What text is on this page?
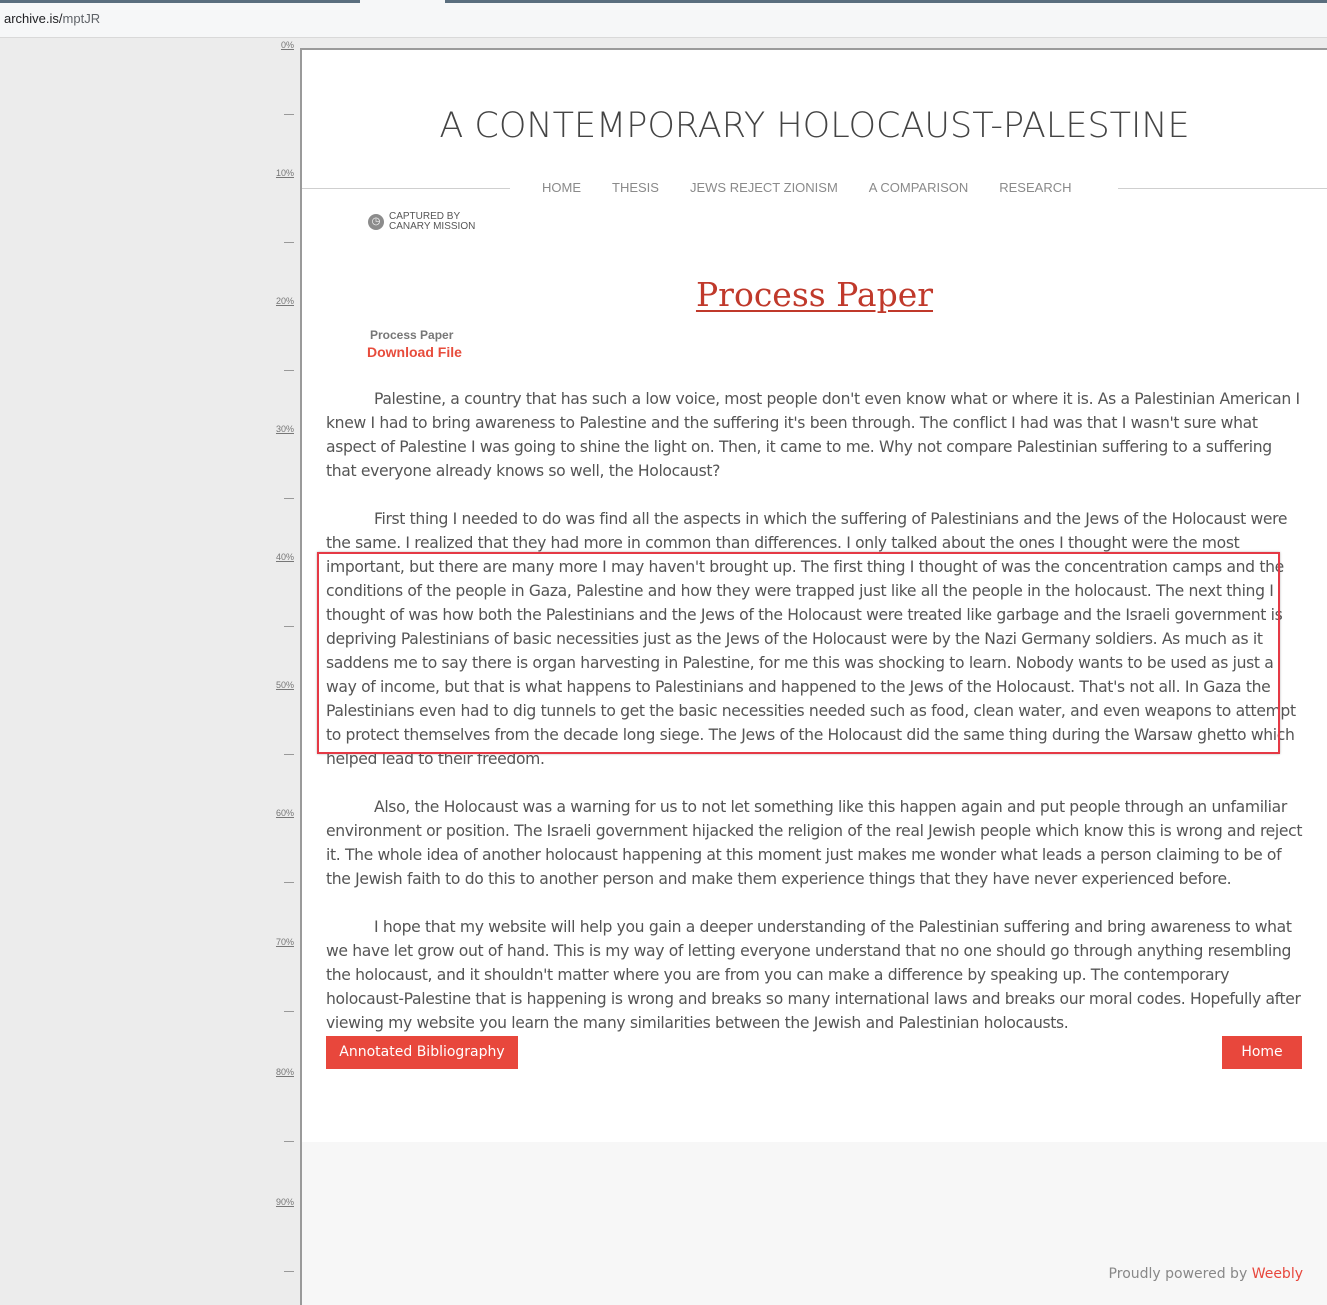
archive.is/mptJR
0%
10%
20%
30%
40%
50%
60%
70%
80%
90%
A CONTEMPORARY HOLOCAUST-PALESTINE
HOME THESIS JEWS REJECT ZIONISM A COMPARISON RESEARCH
◷ CAPTURED BY
CANARY MISSION
Process Paper
Process Paper
Download File

Palestine, a country that has such a low voice, most people don't even know what or where it is. As a Palestinian American I knew I had to bring awareness to Palestine and the suffering it's been through. The conflict I had was that I wasn't sure what aspect of Palestine I was going to shine the light on. Then, it came to me. Why not compare Palestinian suffering to a suffering that everyone already knows so well, the Holocaust?

First thing I needed to do was find all the aspects in which the suffering of Palestinians and the Jews of the Holocaust were the same. I realized that they had more in common than differences. I only talked about the ones I thought were the most important, but there are many more I may haven't brought up. The first thing I thought of was the concentration camps and the conditions of the people in Gaza, Palestine and how they were trapped just like all the people in the holocaust. The next thing I thought of was how both the Palestinians and the Jews of the Holocaust were treated like garbage and the Israeli government is depriving Palestinians of basic necessities just as the Jews of the Holocaust were by the Nazi Germany soldiers. As much as it saddens me to say there is organ harvesting in Palestine, for me this was shocking to learn. Nobody wants to be used as just a way of income, but that is what happens to Palestinians and happened to the Jews of the Holocaust. That's not all. In Gaza the Palestinians even had to dig tunnels to get the basic necessities needed such as food, clean water, and even weapons to attempt to protect themselves from the decade long siege. The Jews of the Holocaust did the same thing during the Warsaw ghetto which helped lead to their freedom.

Also, the Holocaust was a warning for us to not let something like this happen again and put people through an unfamiliar environment or position. The Israeli government hijacked the religion of the real Jewish people which know this is wrong and reject it. The whole idea of another holocaust happening at this moment just makes me wonder what leads a person claiming to be of the Jewish faith to do this to another person and make them experience things that they have never experienced before.

I hope that my website will help you gain a deeper understanding of the Palestinian suffering and bring awareness to what we have let grow out of hand. This is my way of letting everyone understand that no one should go through anything resembling the holocaust, and it shouldn't matter where you are from you can make a difference by speaking up. The contemporary holocaust-Palestine that is happening is wrong and breaks so many international laws and breaks our moral codes. Hopefully after viewing my website you learn the many similarities between the Jewish and Palestinian holocausts.

Annotated Bibliography	Home
Proudly powered by Weebly
